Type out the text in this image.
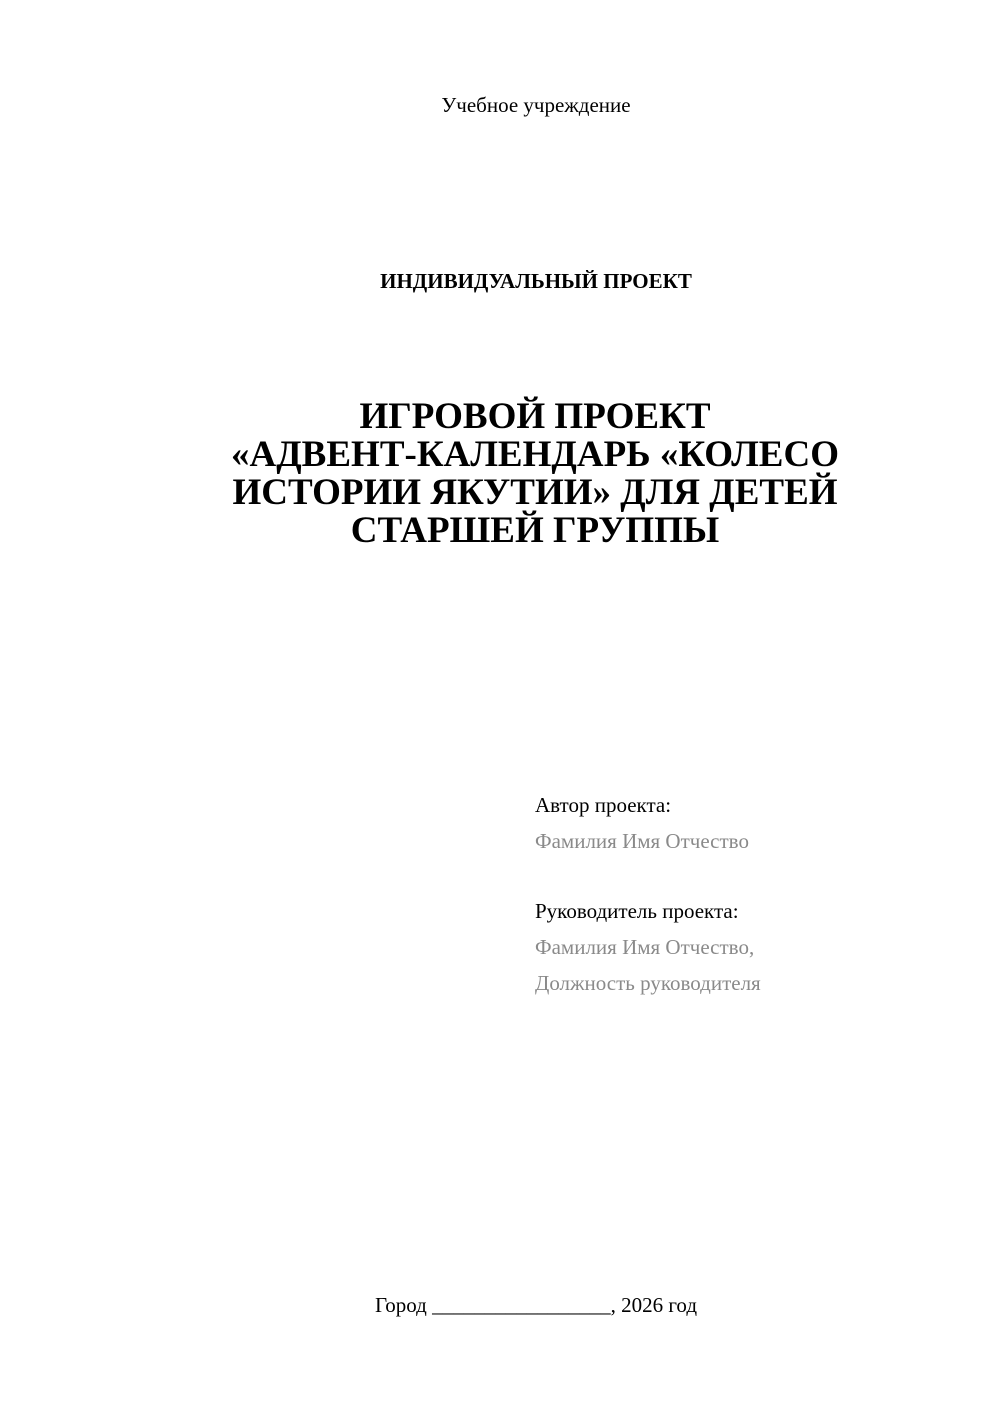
Учебное учреждение
ИНДИВИДУАЛЬНЫЙ ПРОЕКТ
ИГРОВОЙ ПРОЕКТ
«АДВЕНТ-КАЛЕНДАРЬ «КОЛЕСО
ИСТОРИИ ЯКУТИИ» ДЛЯ ДЕТЕЙ
СТАРШЕЙ ГРУППЫ
Автор проекта:
Фамилия Имя Отчество
Руководитель проекта:
Фамилия Имя Отчество,
Должность руководителя
Город _________________, 2026 год
